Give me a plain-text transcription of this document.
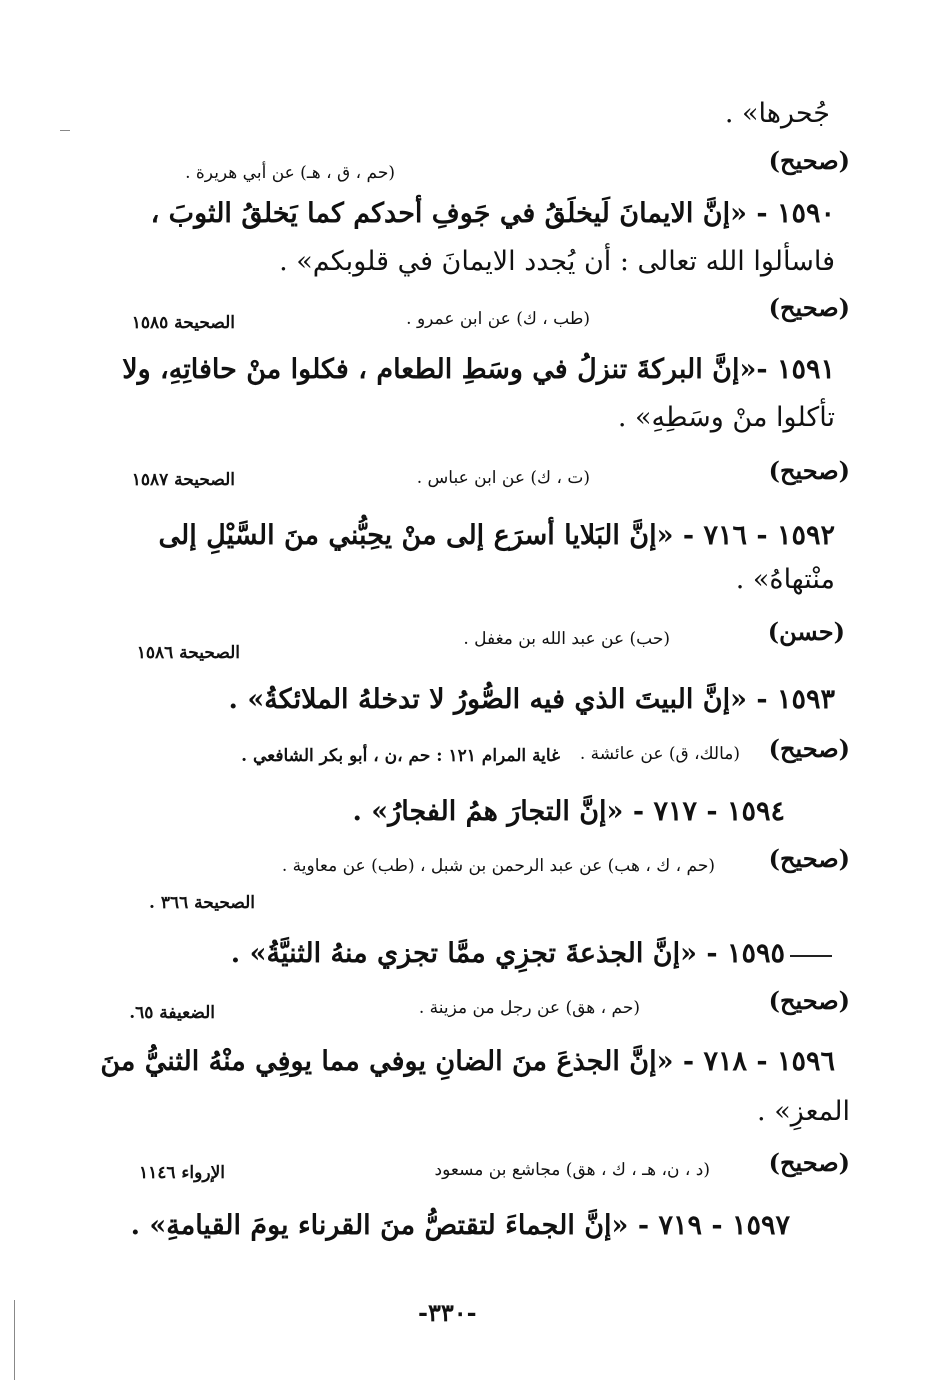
جُحرها» .
(صحيح)
(حم ، ق ، هـ) عن أبي هريرة .
١٥٩٠ - «إنَّ الايمانَ لَيخلَقُ في جَوفِ أحدكم كما يَخلقُ الثوبَ ،
فاسألوا الله تعالى : أن يُجدد الايمانَ في قلوبكم» .
(صحيح)
(طب ، ك) عن ابن عمرو .
الصحيحة ١٥٨٥
١٥٩١ -«إنَّ البركةَ تنزلُ في وسَطِ الطعام ، فكلوا منْ حافاتِهِ، ولا
تأكلوا منْ وسَطِهِ» .
(صحيح)
(ت ، ك) عن ابن عباس .
الصحيحة ١٥٨٧
١٥٩٢ - ٧١٦ - «إنَّ البَلايا أسرَع إلى منْ يحِبُّني منَ السَّيْلِ إلى
منْتهاهُ» .
(حسن)
(حب) عن عبد الله بن مغفل .
الصحيحة ١٥٨٦
١٥٩٣ - «إنَّ البيتَ الذي فيه الصُّورُ لا تدخلهُ الملائكةُ» .
(صحيح)
(مالك، ق) عن عائشة .
غاية المرام ١٢١ : حم ،ن ، أبو بكر الشافعي .
١٥٩٤ - ٧١٧ - «إنَّ التجارَ همُ الفجارُ» .
(صحيح)
(حم ، ك ، هب) عن عبد الرحمن بن شبل ، (طب) عن معاوية .
الصحيحة ٣٦٦ .
١٥٩٥ - «إنَّ الجذعةَ تجزِي ممَّا تجزي منهُ الثنيَّةُ» .
(صحيح)
(حم ، هق) عن رجل من مزينة .
الضعيفة ٦٥.
١٥٩٦ - ٧١٨ - «إنَّ الجذعَ منَ الضانِ يوفي مما يوفِي منْهُ الثنيُّ منَ
المعزِ» .
(صحيح)
(د ، ن، هـ ، ك ، هق) مجاشع بن مسعود
الإرواء ١١٤٦
١٥٩٧ - ٧١٩ - «إنَّ الجماءَ لتقتصُّ منَ القرناء يومَ القيامةِ» .
-٣٣٠-
